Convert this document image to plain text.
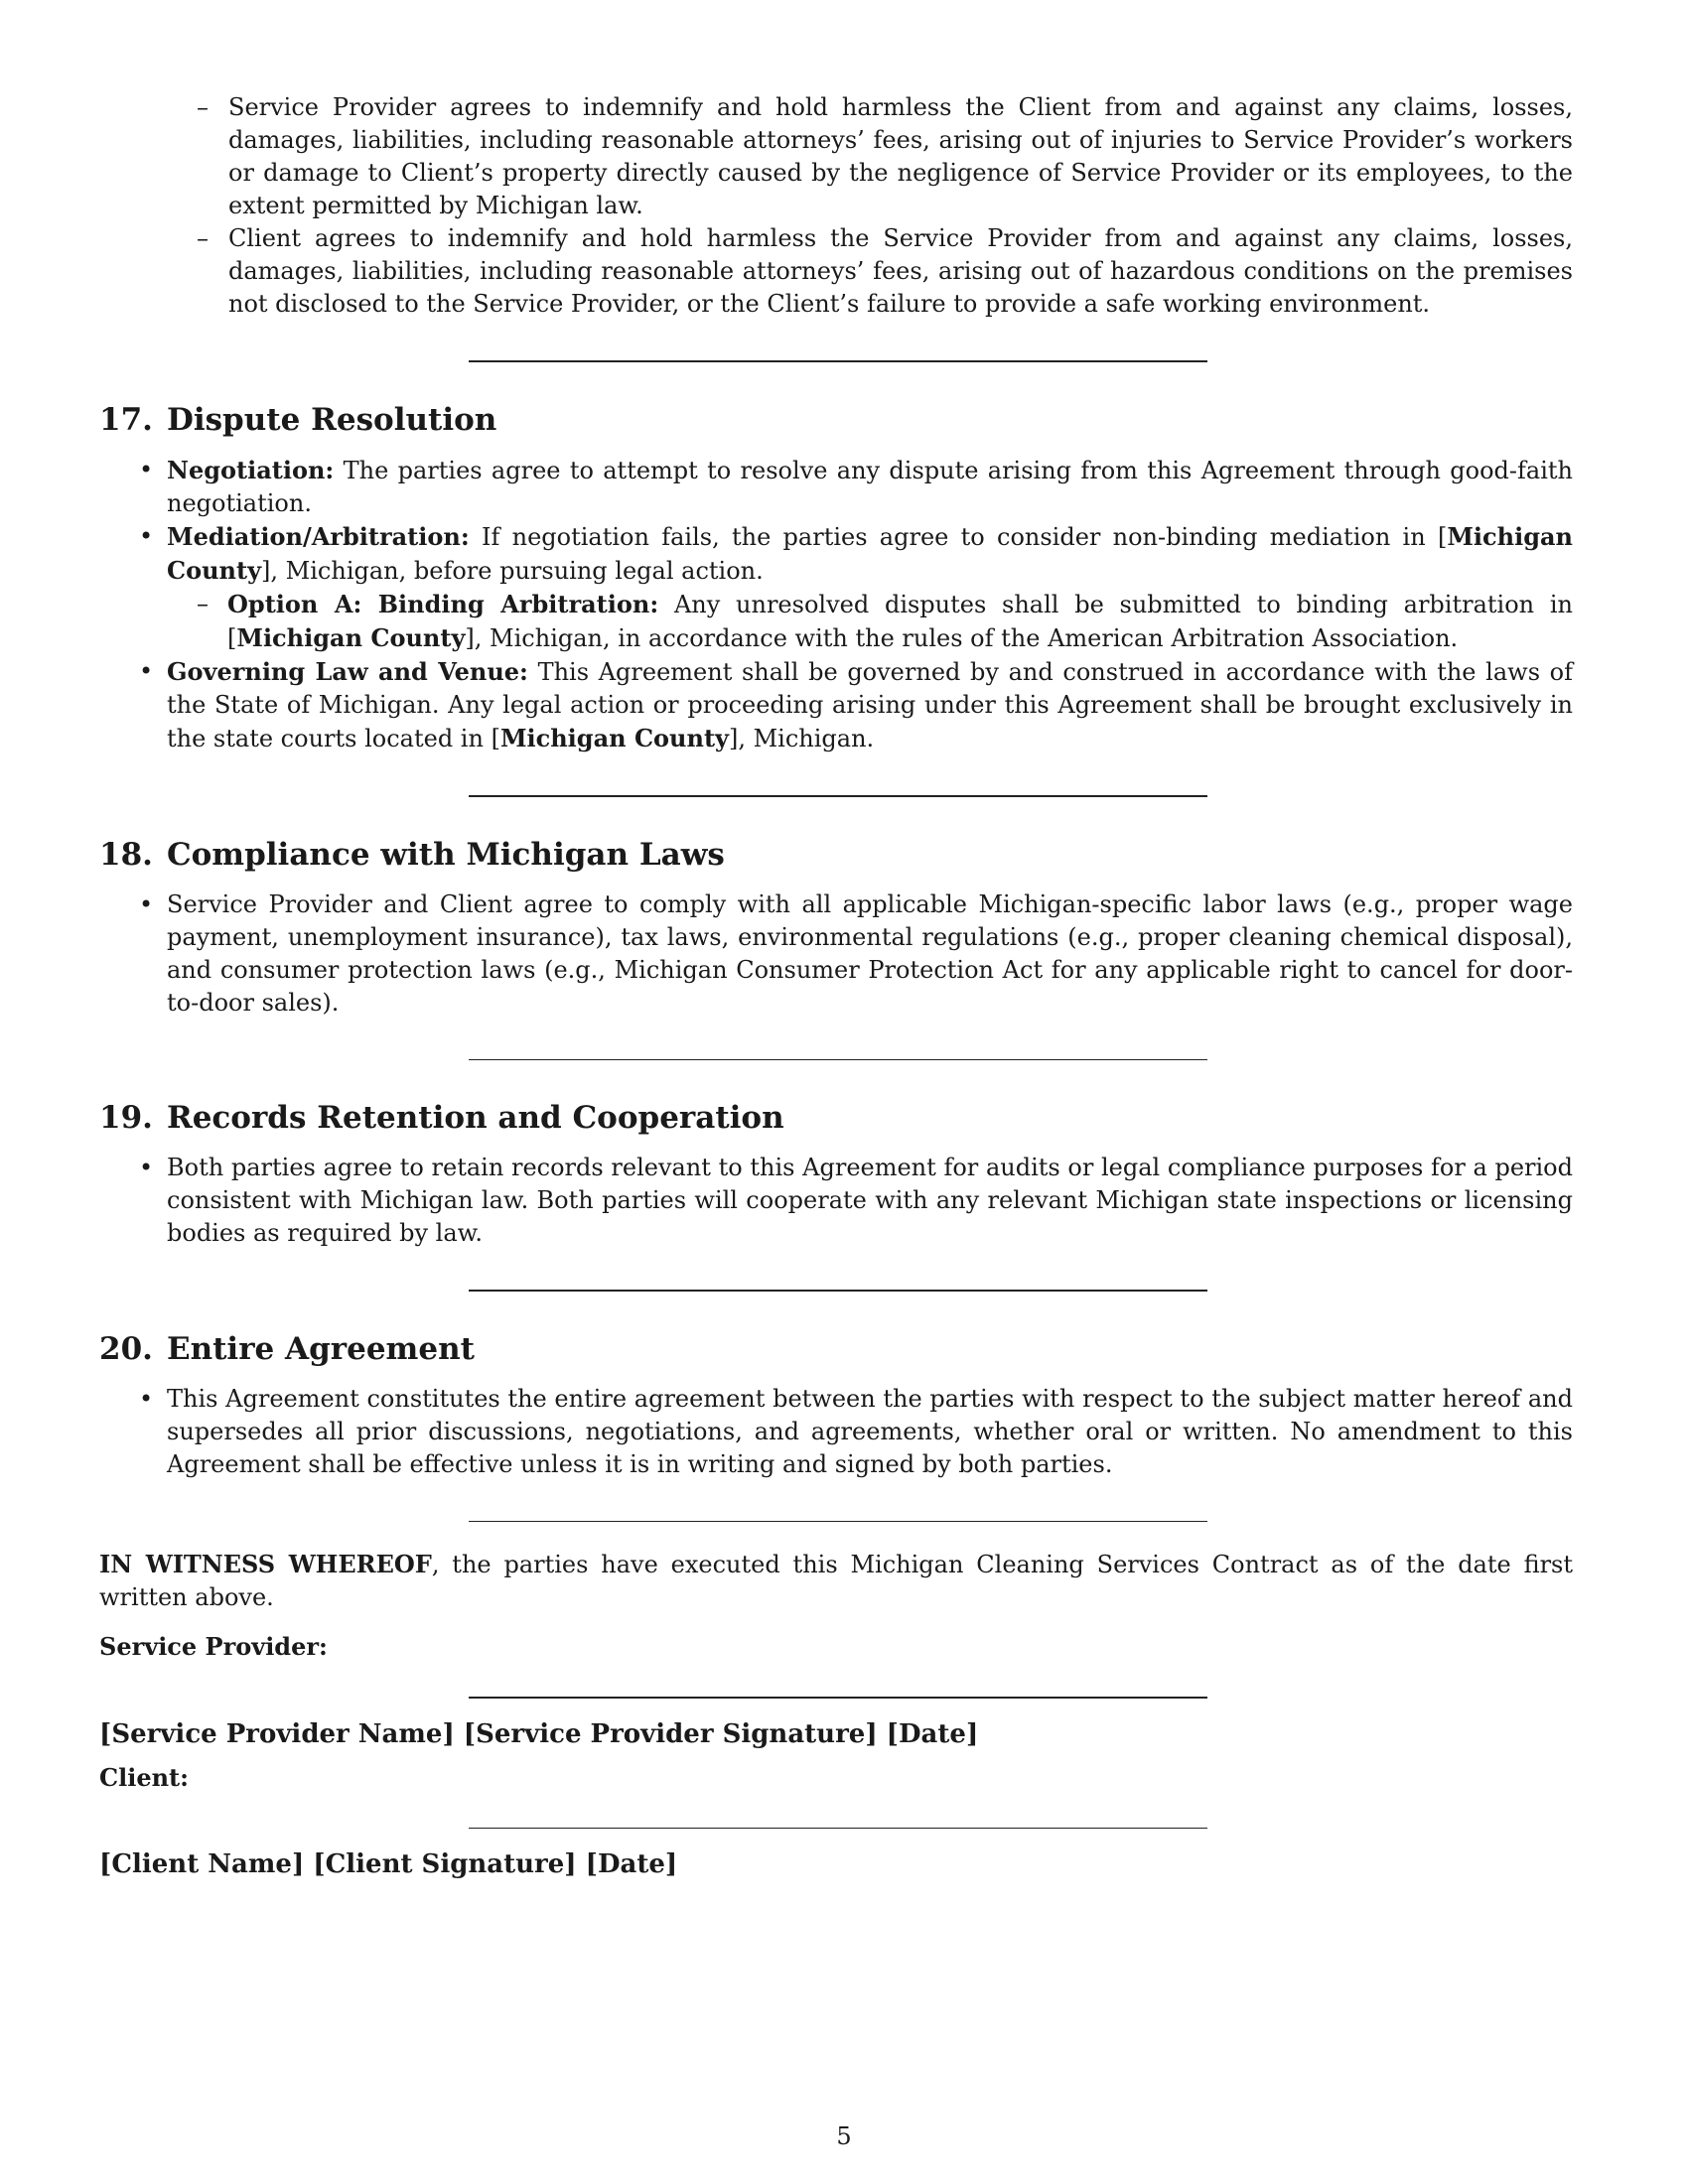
– Service Provider agrees to indemnify and hold harmless the Client from and against any claims, losses, damages, liabilities, including reasonable attorneys’ fees, arising out of injuries to Service Provider’s workers or damage to Client’s property directly caused by the negligence of Service Provider or its employees, to the extent permitted by Michigan law.
– Client agrees to indemnify and hold harmless the Service Provider from and against any claims, losses, damages, liabilities, including reasonable attorneys’ fees, arising out of hazardous conditions on the premises not disclosed to the Service Provider, or the Client’s failure to provide a safe working environment.
17. Dispute Resolution
• Negotiation: The parties agree to attempt to resolve any dispute arising from this Agreement through good-faith negotiation.
• Mediation/Arbitration: If negotiation fails, the parties agree to consider non-binding mediation in [Michigan County], Michigan, before pursuing legal action.
– Option A: Binding Arbitration: Any unresolved disputes shall be submitted to binding arbitration in [Michigan County], Michigan, in accordance with the rules of the American Arbitration Association.
• Governing Law and Venue: This Agreement shall be governed by and construed in accordance with the laws of the State of Michigan. Any legal action or proceeding arising under this Agreement shall be brought exclusively in the state courts located in [Michigan County], Michigan.
18. Compliance with Michigan Laws
• Service Provider and Client agree to comply with all applicable Michigan-specific labor laws (e.g., proper wage payment, unemployment insurance), tax laws, environmental regulations (e.g., proper cleaning chemical disposal), and consumer protection laws (e.g., Michigan Consumer Protection Act for any applicable right to cancel for door-to-door sales).
19. Records Retention and Cooperation
• Both parties agree to retain records relevant to this Agreement for audits or legal compliance purposes for a period consistent with Michigan law. Both parties will cooperate with any relevant Michigan state inspections or licensing bodies as required by law.
20. Entire Agreement
• This Agreement constitutes the entire agreement between the parties with respect to the subject matter hereof and supersedes all prior discussions, negotiations, and agreements, whether oral or written. No amendment to this Agreement shall be effective unless it is in writing and signed by both parties.

IN WITNESS WHEREOF, the parties have executed this Michigan Cleaning Services Contract as of the date first written above.

Service Provider:
[Service Provider Name] [Service Provider Signature] [Date]
Client:
[Client Name] [Client Signature] [Date]
5
